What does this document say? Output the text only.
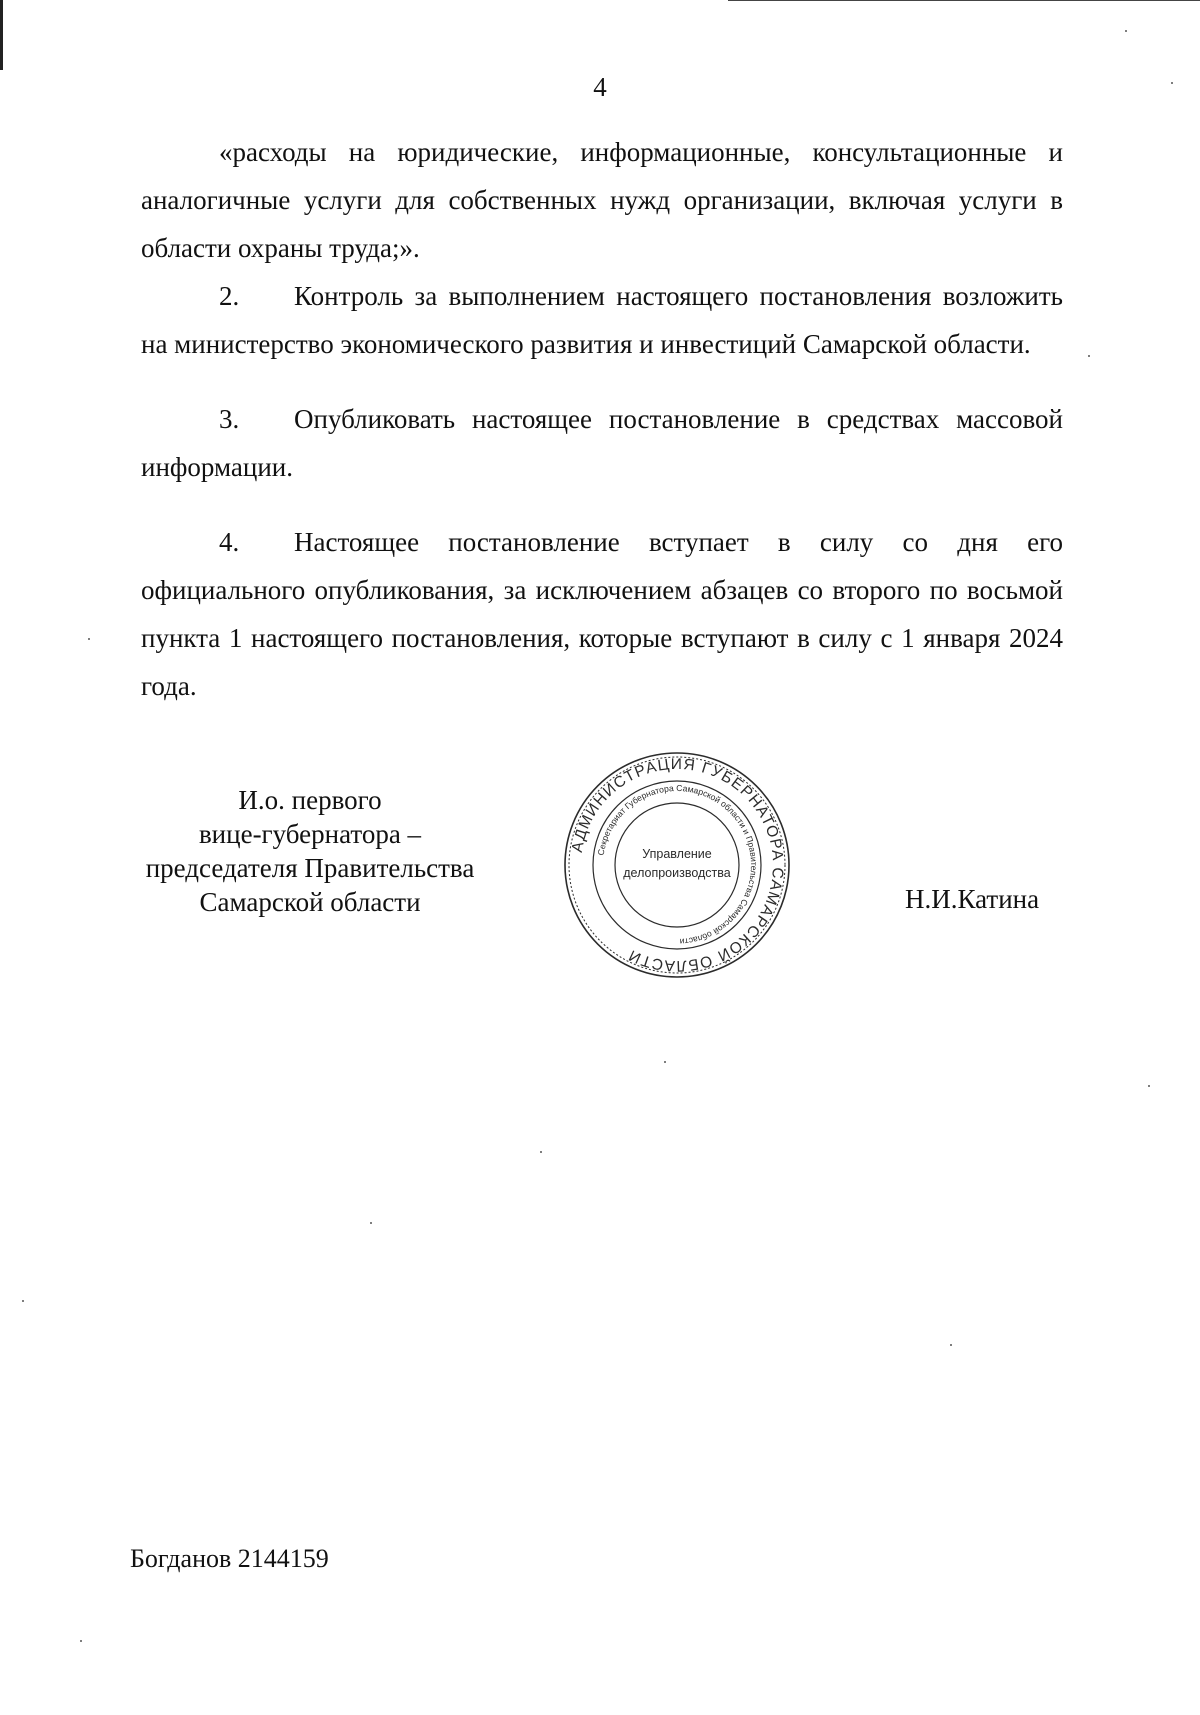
4

«расходы на юридические, информационные, консультационные и аналогичные услуги для собственных нужд организации, включая услуги в области охраны труда;».

2. Контроль за выполнением настоящего постановления возложить на министерство экономического развития и инвестиций Самарской области.

3. Опубликовать настоящее постановление в средствах массовой информации.

4. Настоящее постановление вступает в силу со дня его официального опубликования, за исключением абзацев со второго по восьмой пункта 1 настоящего постановления, которые вступают в силу с 1 января 2024 года.

И.о. первого
вице-губернатора –
председателя Правительства
Самарской области
АДМИНИСТРАЦИЯ ГУБЕРНАТОРА САМАРСКОЙ ОБЛАСТИ
Секретариат Губернатора Самарской области и Правительства Самарской области
Управление
делопроизводства
Н.И.Катина
Богданов 2144159
